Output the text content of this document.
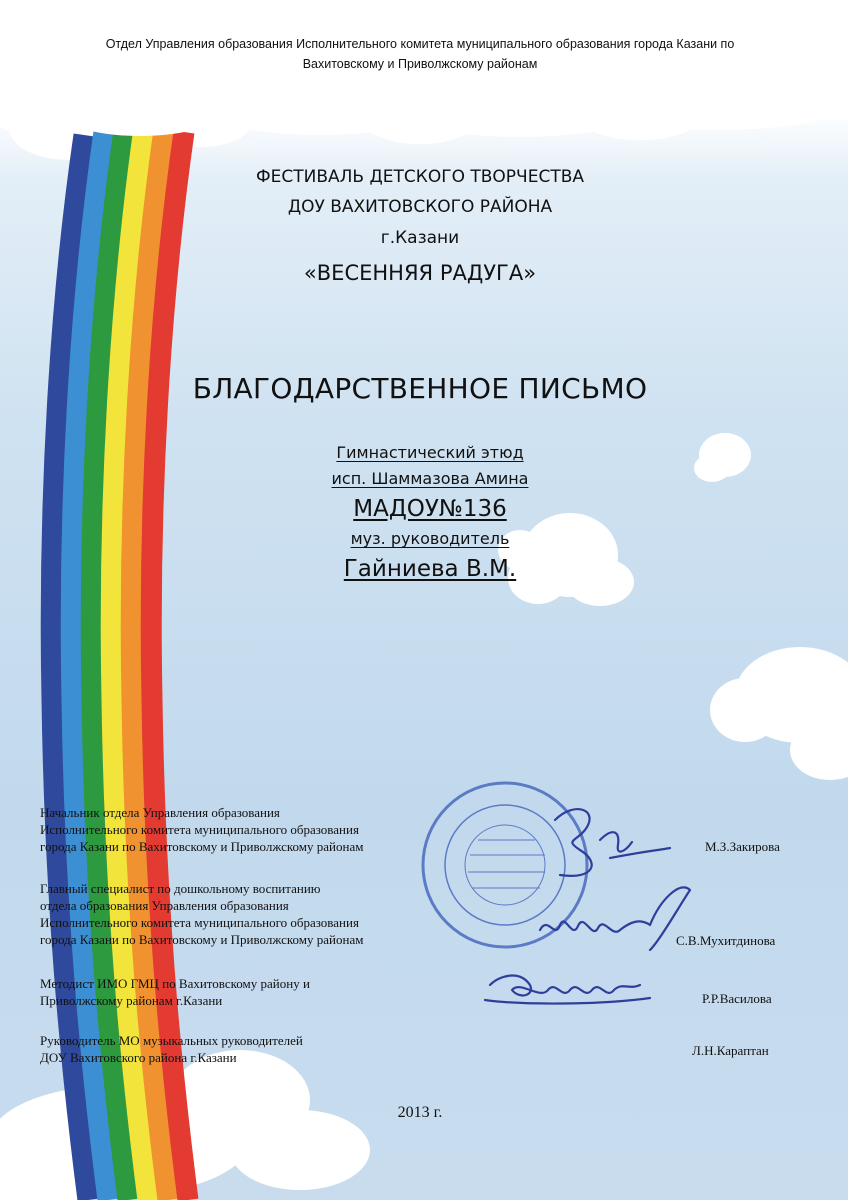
Отдел Управления образования Исполнительного комитета муниципального образования города Казани по
Вахитовскому и Приволжскому районам
ФЕСТИВАЛЬ ДЕТСКОГО ТВОРЧЕСТВА
ДОУ ВАХИТОВСКОГО РАЙОНА
г.Казани
«ВЕСЕННЯЯ РАДУГА»
БЛАГОДАРСТВЕННОЕ ПИСЬМО
Гимнастический этюд
исп. Шаммазова Амина
МАДОУ№136
муз. руководитель
Гайниева В.М.
Начальник отдела Управления образования
Исполнительного комитета муниципального образования
города Казани по Вахитовскому и Приволжскому районам	М.З.Закирова
Главный специалист по дошкольному воспитанию
отдела образования Управления образования
Исполнительного комитета муниципального образования
города Казани по Вахитовскому и Приволжскому районам	С.В.Мухитдинова
Методист ИМО ГМЦ по Вахитовскому району и
Приволжскому районам г.Казани	Р.Р.Василова
Руководитель МО музыкальных руководителей
ДОУ Вахитовского района г.Казани	Л.Н.Карaптан
2013 г.
